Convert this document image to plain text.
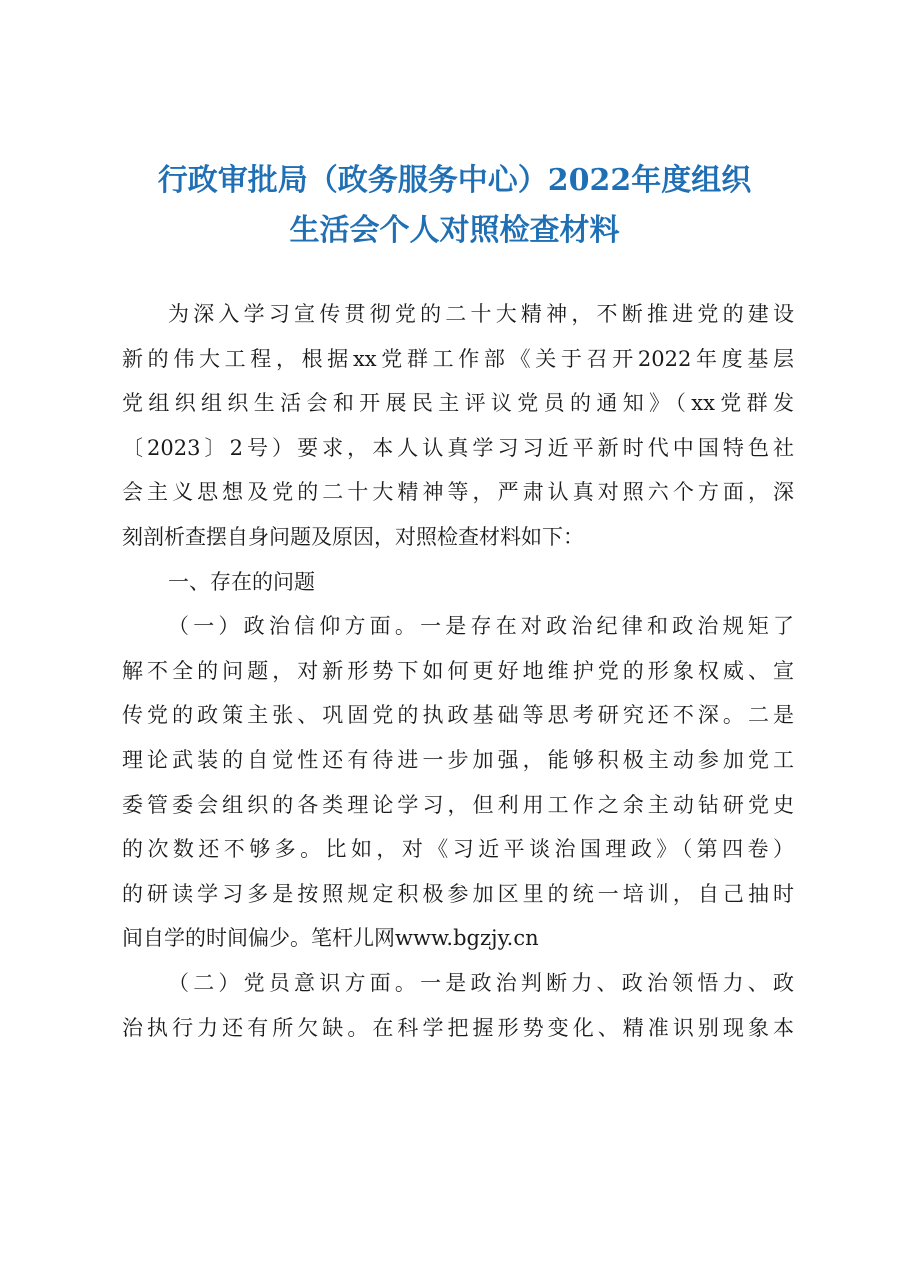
行政审批局（政务服务中心）2022年度组织
生活会个人对照检查材料
为深入学习宣传贯彻党的二十大精神，不断推进党的建设
新的伟大工程，根据xx党群工作部《关于召开2022年度基层
党组织组织生活会和开展民主评议党员的通知》（xx党群发
〔2023〕2号）要求，本人认真学习习近平新时代中国特色社
会主义思想及党的二十大精神等，严肃认真对照六个方面，深
刻剖析查摆自身问题及原因，对照检查材料如下：
一、存在的问题
（一）政治信仰方面。一是存在对政治纪律和政治规矩了
解不全的问题，对新形势下如何更好地维护党的形象权威、宣
传党的政策主张、巩固党的执政基础等思考研究还不深。二是
理论武装的自觉性还有待进一步加强，能够积极主动参加党工
委管委会组织的各类理论学习，但利用工作之余主动钻研党史
的次数还不够多。比如，对《习近平谈治国理政》（第四卷）
的研读学习多是按照规定积极参加区里的统一培训，自己抽时
间自学的时间偏少。笔杆儿网www.bgzjy.cn
（二）党员意识方面。一是政治判断力、政治领悟力、政
治执行力还有所欠缺。在科学把握形势变化、精准识别现象本
